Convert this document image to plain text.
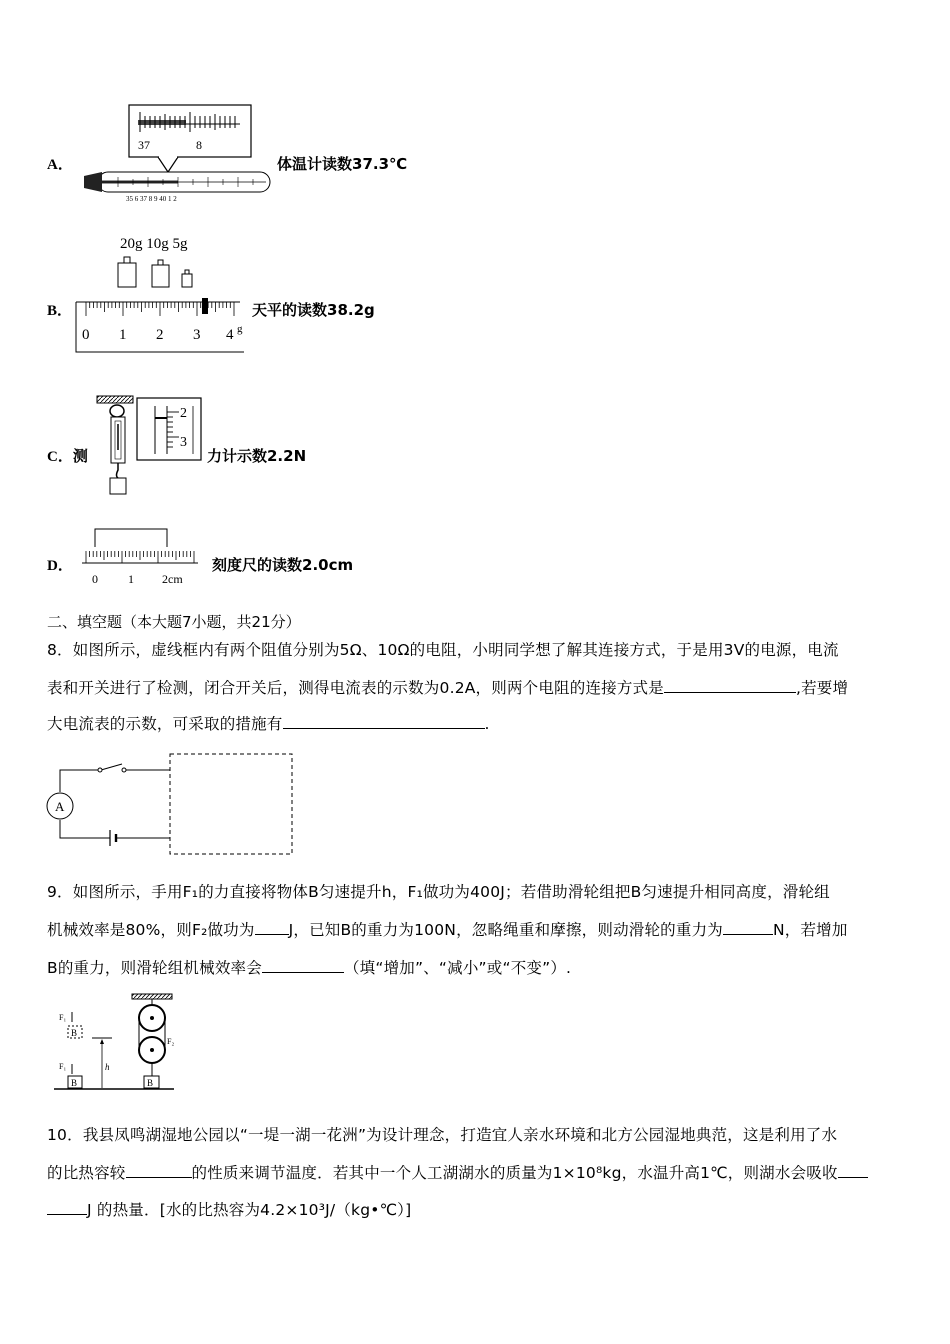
A．
37	8
35 6 37 8 9 40 1 2
体温计读数37.3℃
B．
20g 10g 5g
0 1 2 3 4 g
天平的读数38.2g
C．测
2
3
力计示数2.2N
D．
0	1 2cm
刻度尺的读数2.0cm
二、填空题（本大题7小题，共21分）
8．如图所示，虚线框内有两个阻值分别为5Ω、10Ω的电阻，小明同学想了解其连接方式，于是用3V的电源，电流
表和开关进行了检测，闭合开关后，测得电流表的示数为0.2A，则两个电阻的连接方式是	,若要增
大电流表的示数，可采取的措施有	.
A
9．如图所示，手用F₁的力直接将物体B匀速提升h，F₁做功为400J；若借助滑轮组把B匀速提升相同高度，滑轮组
机械效率是80%，则F₂做功为 J，已知B的重力为100N，忽略绳重和摩擦，则动滑轮的重力为	N，若增加
B的重力，则滑轮组机械效率会	（填“增加”、“减小”或“不变”）.
F₁
B
h
F₁
B
F₂
B
10．我县凤鸣湖湿地公园以“一堤一湖一花洲”为设计理念，打造宜人亲水环境和北方公园湿地典范，这是利用了水
的比热容较	的性质来调节温度．若其中一个人工湖湖水的质量为1×10⁸kg，水温升高1℃，则湖水会吸收
J 的热量．[水的比热容为4.2×10³J/（kg•℃）]
